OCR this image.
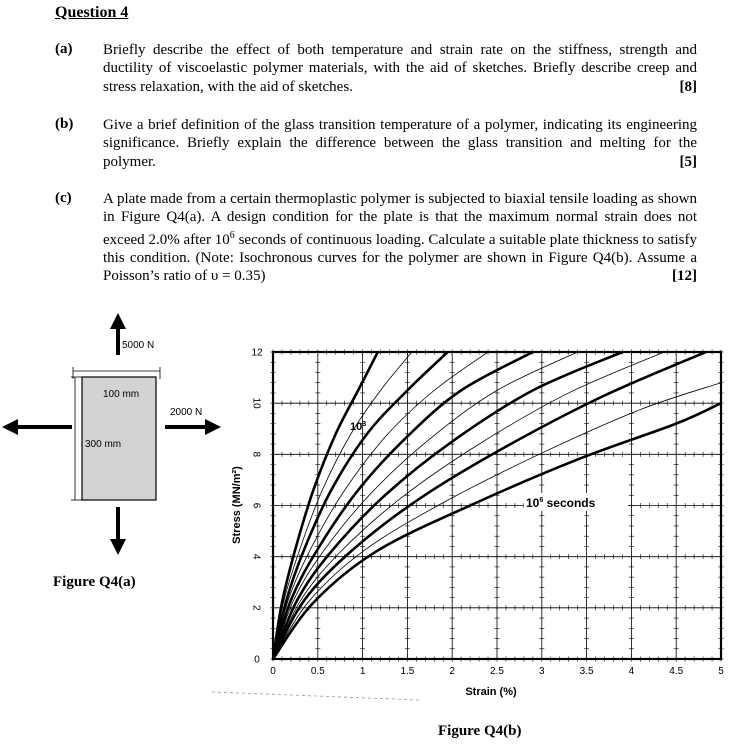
Question 4
(a) Briefly describe the effect of both temperature and strain rate on the stiffness, strength and ductility of viscoelastic polymer materials, with the aid of sketches. Briefly describe creep and stress relaxation, with the aid of sketches.	[8]
(b) Give a brief definition of the glass transition temperature of a polymer, indicating its engineering significance. Briefly explain the difference between the glass transition and melting for the polymer.	[5]
(c) A plate made from a certain thermoplastic polymer is subjected to biaxial tensile loading as shown in Figure Q4(a). A design condition for the plate is that the maximum normal strain does not exceed 2.0% after $10^6$ seconds of continuous loading. Calculate a suitable plate thickness to satisfy this condition. (Note: Isochronous curves for the polymer are shown in Figure Q4(b). Assume a Poisson’s ratio of υ = 0.35)	[12]
100 mm
300 mm
5000 N
2000 N
Figure Q4(a)
0	0.5	1	1.5	2	2.5	3	3.5	4	4.5	5
0
2
4
6
8
10
12
Stress (MN/m²)
Strain (%)
$10^3$
$10^6$ seconds
Figure Q4(b)
